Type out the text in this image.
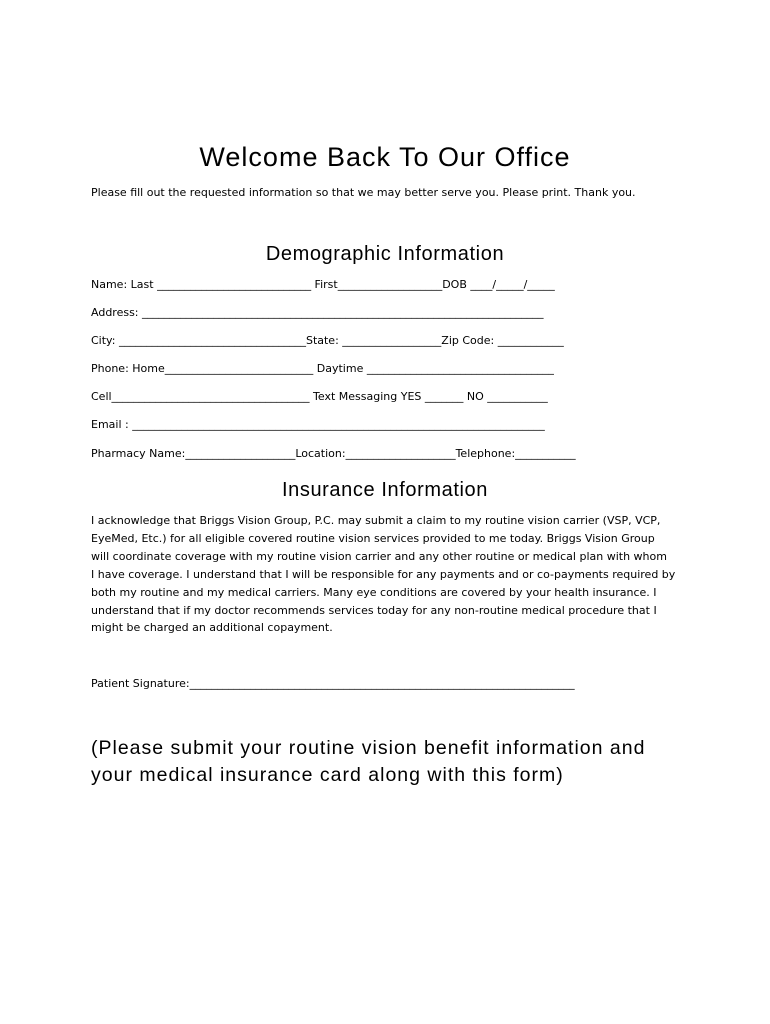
Welcome Back To Our Office
Please fill out the requested information so that we may better serve you. Please print. Thank you.
Demographic Information
Name: Last ____________________________ First___________________DOB ____/_____/_____
Address: _________________________________________________________________________
City: __________________________________State: __________________Zip Code: ____________
Phone: Home___________________________ Daytime __________________________________
Cell____________________________________ Text Messaging YES _______ NO ___________
Email : ___________________________________________________________________________
Pharmacy Name:____________________Location:____________________Telephone:___________
Insurance Information
I acknowledge that Briggs Vision Group, P.C. may submit a claim to my routine vision carrier (VSP, VCP,
EyeMed, Etc.) for all eligible covered routine vision services provided to me today. Briggs Vision Group
will coordinate coverage with my routine vision carrier and any other routine or medical plan with whom
I have coverage. I understand that I will be responsible for any payments and or co-payments required by
both my routine and my medical carriers. Many eye conditions are covered by your health insurance. I
understand that if my doctor recommends services today for any non-routine medical procedure that I
might be charged an additional copayment.
Patient Signature:______________________________________________________________________
(Please submit your routine vision benefit information and
your medical insurance card along with this form)
